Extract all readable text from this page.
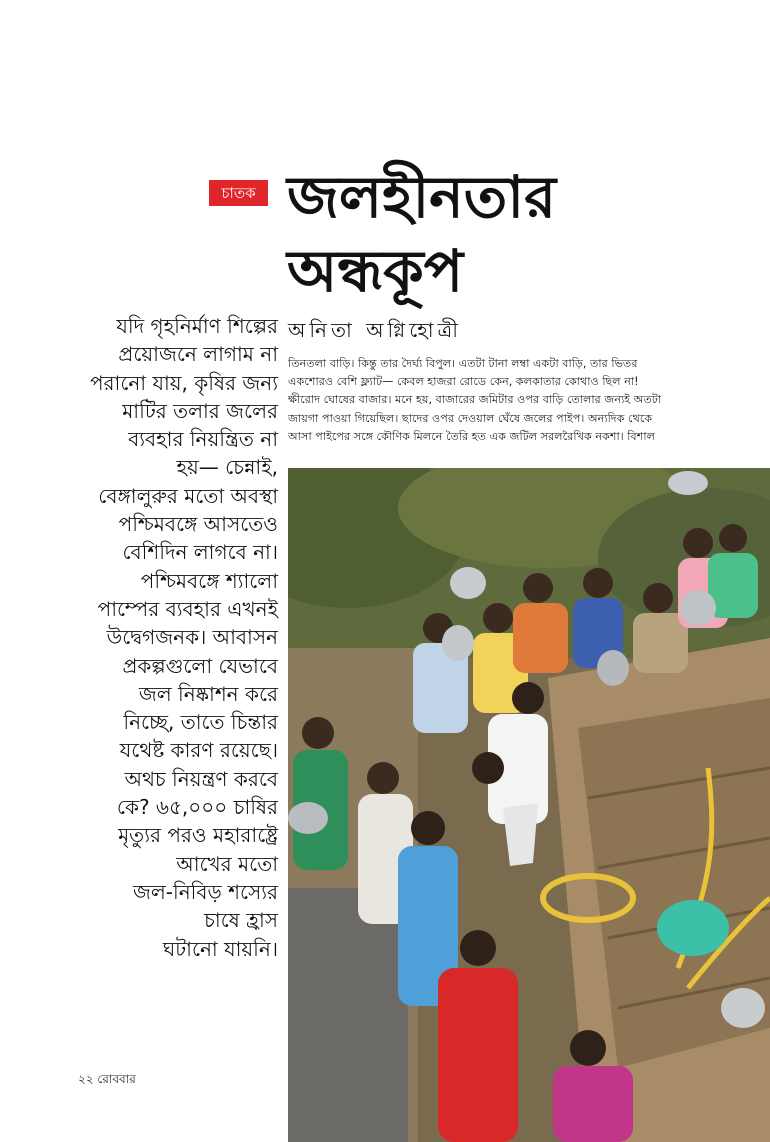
চাতক জলহীনতার
অন্ধকূপ
অনিতা অগ্নিহোত্রী

যদি গৃহনির্মাণ শিল্পের
প্রয়োজনে লাগাম না
পরানো যায়, কৃষির জন্য
মাটির তলার জলের
ব্যবহার নিয়ন্ত্রিত না
হয়— চেন্নাই,
বেঙ্গালুরুর মতো অবস্থা
পশ্চিমবঙ্গে আসতেও
বেশিদিন লাগবে না।
পশ্চিমবঙ্গে শ্যালো
পাম্পের ব্যবহার এখনই
উদ্বেগজনক। আবাসন
প্রকল্পগুলো যেভাবে
জল নিষ্কাশন করে
নিচ্ছে, তাতে চিন্তার
যথেষ্ট কারণ রয়েছে।
অথচ নিয়ন্ত্রণ করবে
কে? ৬৫,০০০ চাষির
মৃত্যুর পরও মহারাষ্ট্রে
আখের মতো
জল-নিবিড় শস্যের
চাষে হ্রাস
ঘটানো যায়নি।

তিনতলা বাড়ি। কিন্তু তার দৈর্ঘ্য বিপুল। এতটা টানা লম্বা একটা বাড়ি, তার ভিতর
একশোরও বেশি ফ্ল্যাট— কেবল হাজরা রোডে কেন, কলকাতার কোথাও ছিল না!
ক্ষীরোদ ঘোষের বাজার। মনে হয়, বাজারের জমিটার ওপর বাড়ি তোলার জন্যই অতটা
জায়গা পাওয়া গিয়েছিল। ছাদের ওপর দেওয়াল ঘেঁষে জলের পাইপ। অন্যদিক থেকে
আসা পাইপের সঙ্গে কৌণিক মিলনে তৈরি হত এক জটিল সরলরৈখিক নকশা। বিশাল

২২ রোববার
